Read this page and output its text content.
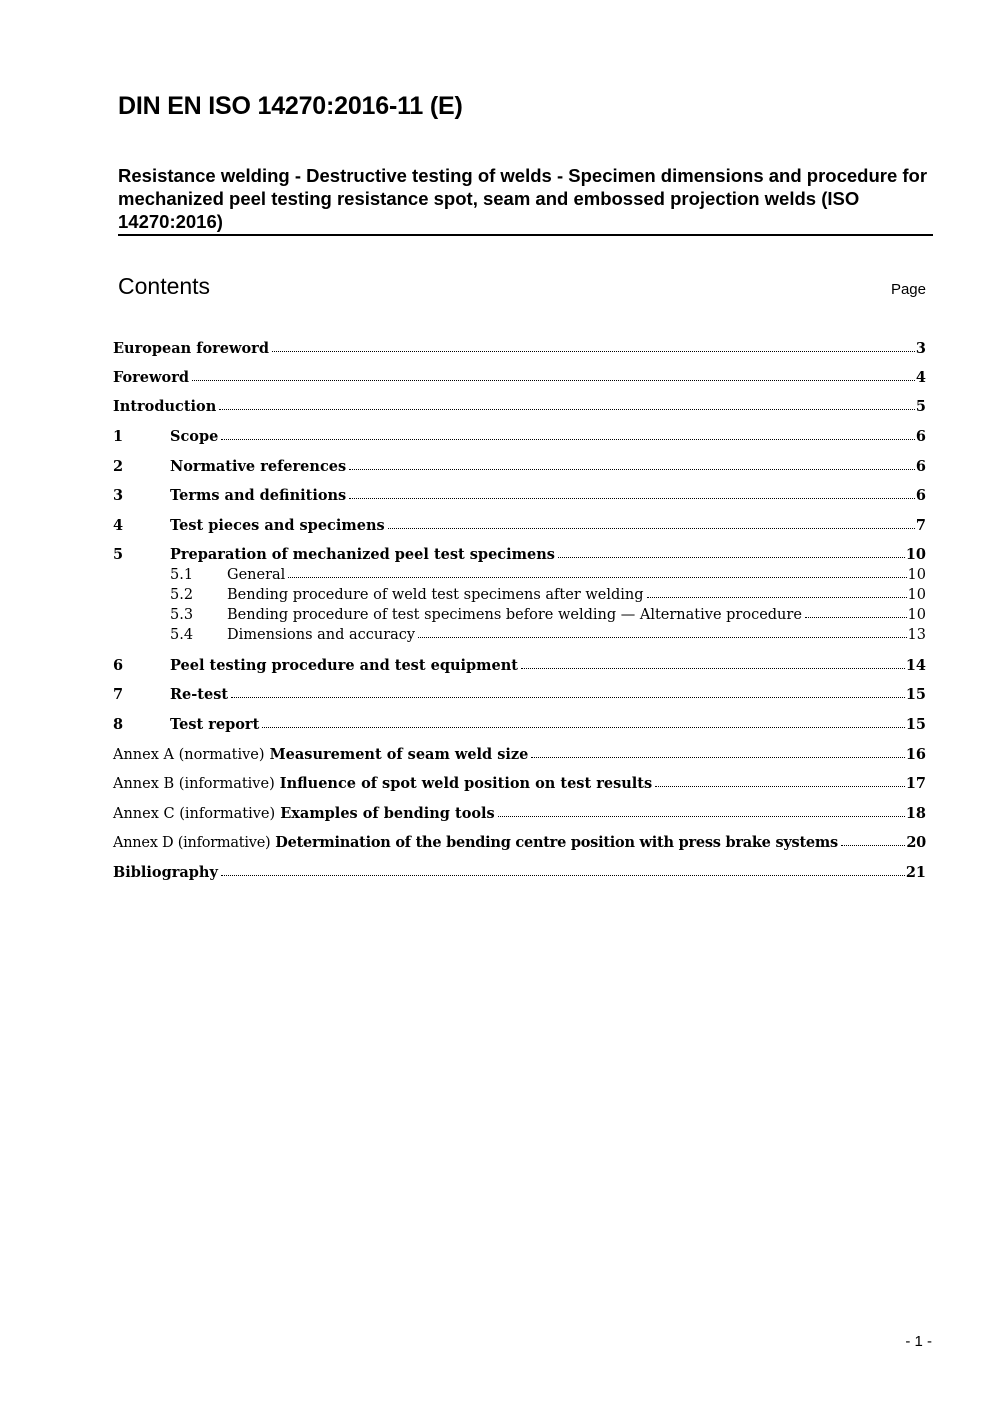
DIN EN ISO 14270:2016-11 (E)
Resistance welding - Destructive testing of welds - Specimen dimensions and procedure for mechanized peel testing resistance spot, seam and embossed projection welds (ISO 14270:2016)
Contents	Page
European foreword	3
Foreword	4
Introduction	5
1	Scope	6
2	Normative references	6
3	Terms and definitions	6
4	Test pieces and specimens	7
5	Preparation of mechanized peel test specimens	10
5.1	General	10
5.2	Bending procedure of weld test specimens after welding	10
5.3	Bending procedure of test specimens before welding — Alternative procedure	10
5.4	Dimensions and accuracy	13
6	Peel testing procedure and test equipment	14
7	Re-test	15
8	Test report	15
Annex A (normative) Measurement of seam weld size	16
Annex B (informative) Influence of spot weld position on test results	17
Annex C (informative) Examples of bending tools	18
Annex D (informative) Determination of the bending centre position with press brake systems	20
Bibliography	21
- 1 -
